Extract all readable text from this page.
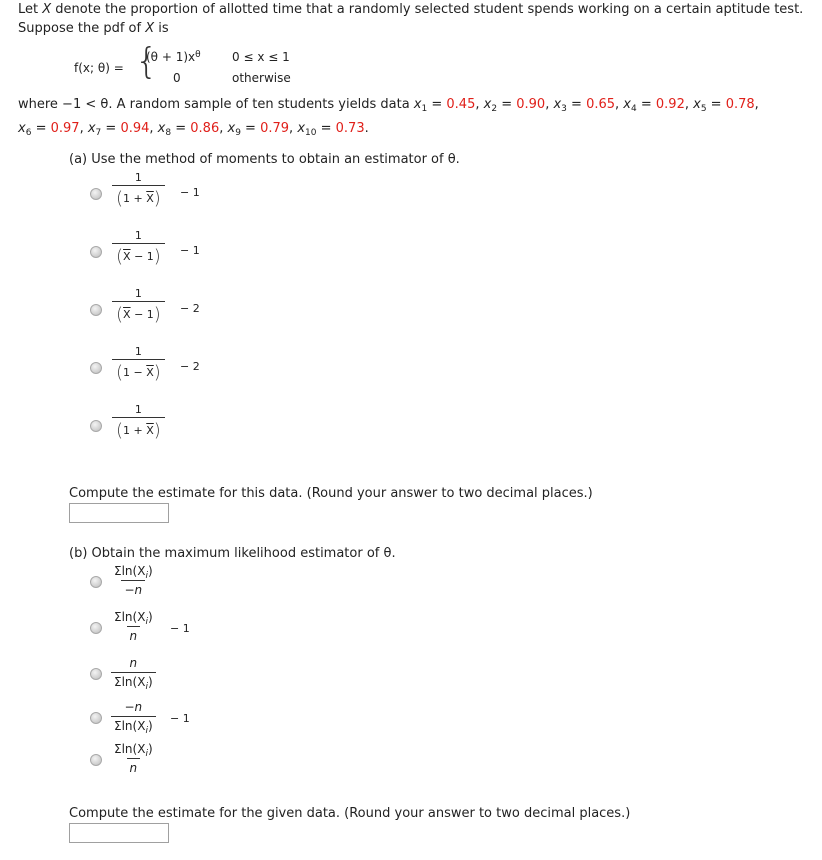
Let X denote the proportion of allotted time that a randomly selected student spends working on a certain aptitude test.
Suppose the pdf of X is
f(x; θ) = {
$(\theta + 1)x^\theta$	0 ≤ x ≤ 1
0	otherwise
where −1 < θ. A random sample of ten students yields data $x_1 = 0.45$, $x_2 = 0.90$, $x_3 = 0.65$, $x_4 = 0.92$, $x_5 = 0.78$,
$x_6 = 0.97$, $x_7 = 0.94$, $x_8 = 0.86$, $x_9 = 0.79$, $x_{10} = 0.73$.
(a) Use the method of moments to obtain an estimator of θ.
$\frac{1}{(1 + \overline{X})} - 1$
$\frac{1}{(\overline{X} - 1)} - 1$
$\frac{1}{(\overline{X} - 1)} - 2$
$\frac{1}{(1 - \overline{X})} - 2$
$\frac{1}{(1 + \overline{X})}$
Compute the estimate for this data. (Round your answer to two decimal places.)
(b) Obtain the maximum likelihood estimator of θ.
$\frac{\Sigma\ln(X_i)}{-n}$
$\frac{\Sigma\ln(X_i)}{n} - 1$
$\frac{n}{\Sigma\ln(X_i)}$
$\frac{-n}{\Sigma\ln(X_i)} - 1$
$\frac{\Sigma\ln(X_i)}{n}$
Compute the estimate for the given data. (Round your answer to two decimal places.)
